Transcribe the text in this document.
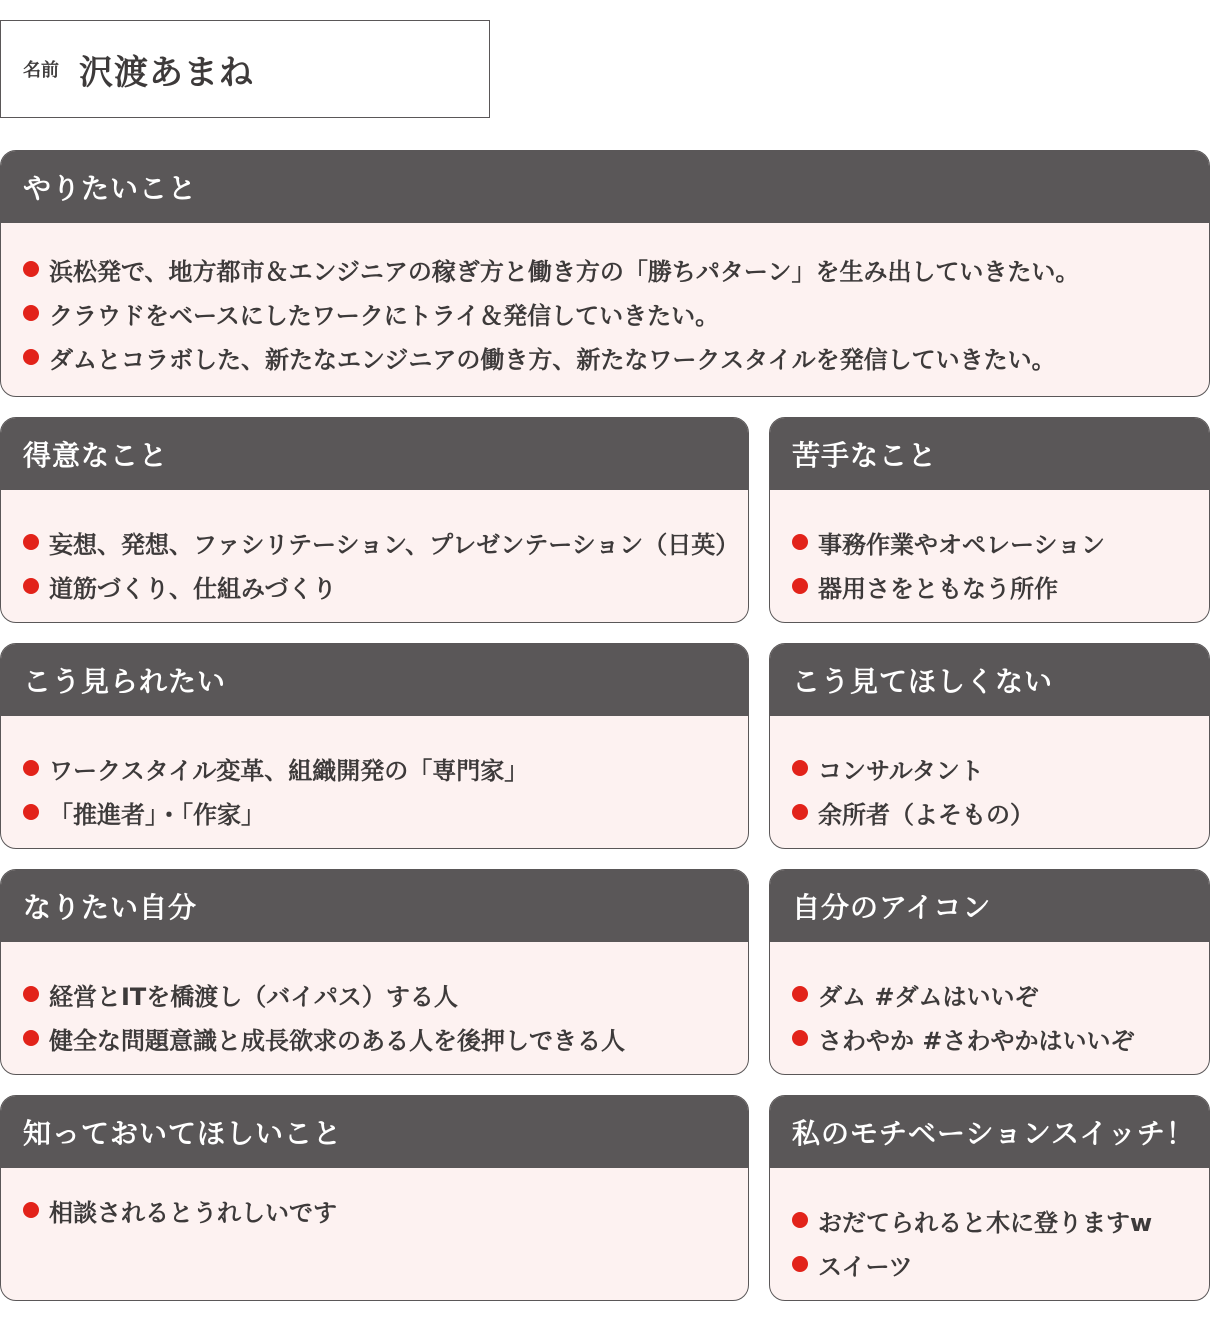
名前 沢渡あまね
やりたいこと
浜松発で、地方都市＆エンジニアの稼ぎ方と働き方の「勝ちパターン」を生み出していきたい。
クラウドをベースにしたワークにトライ＆発信していきたい。
ダムとコラボした、新たなエンジニアの働き方、新たなワークスタイルを発信していきたい。
得意なこと
妄想、発想、ファシリテーション、プレゼンテーション（日英）
道筋づくり、仕組みづくり
苦手なこと
事務作業やオペレーション
器用さをともなう所作
こう見られたい
ワークスタイル変革、組織開発の「専門家」
「推進者」・「作家」
こう見てほしくない
コンサルタント
余所者（よそもの）
なりたい自分
経営とITを橋渡し（バイパス）する人
健全な問題意識と成長欲求のある人を後押しできる人
自分のアイコン
ダム #ダムはいいぞ
さわやか #さわやかはいいぞ
知っておいてほしいこと
相談されるとうれしいです
私のモチベーションスイッチ！
おだてられると木に登りますw
スイーツ
